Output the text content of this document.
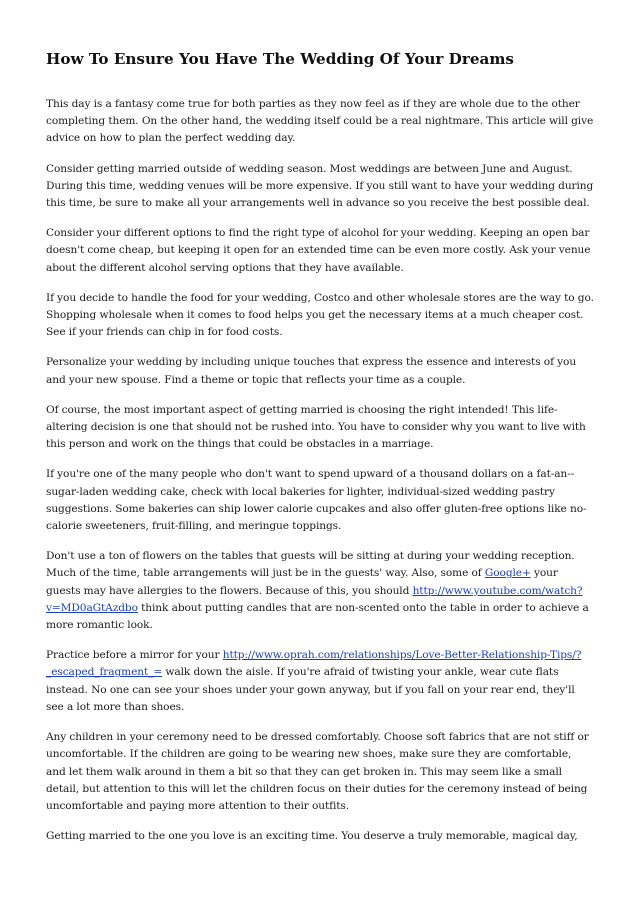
How To Ensure You Have The Wedding Of Your Dreams

This day is a fantasy come true for both parties as they now feel as if they are whole due to the other completing them. On the other hand, the wedding itself could be a real nightmare. This article will give advice on how to plan the perfect wedding day.

Consider getting married outside of wedding season. Most weddings are between June and August. During this time, wedding venues will be more expensive. If you still want to have your wedding during this time, be sure to make all your arrangements well in advance so you receive the best possible deal.

Consider your different options to find the right type of alcohol for your wedding. Keeping an open bar doesn't come cheap, but keeping it open for an extended time can be even more costly. Ask your venue about the different alcohol serving options that they have available.

If you decide to handle the food for your wedding, Costco and other wholesale stores are the way to go. Shopping wholesale when it comes to food helps you get the necessary items at a much cheaper cost. See if your friends can chip in for food costs.

Personalize your wedding by including unique touches that express the essence and interests of you and your new spouse. Find a theme or topic that reflects your time as a couple.

Of course, the most important aspect of getting married is choosing the right intended! This life-altering decision is one that should not be rushed into. You have to consider why you want to live with this person and work on the things that could be obstacles in a marriage.

If you're one of the many people who don't want to spend upward of a thousand dollars on a fat-an--sugar-laden wedding cake, check with local bakeries for lighter, individual-sized wedding pastry suggestions. Some bakeries can ship lower calorie cupcakes and also offer gluten-free options like no-calorie sweeteners, fruit-filling, and meringue toppings.

Don't use a ton of flowers on the tables that guests will be sitting at during your wedding reception. Much of the time, table arrangements will just be in the guests' way. Also, some of Google+ your guests may have allergies to the flowers. Because of this, you should http://www.youtube.com/watch?v=MD0aGtAzdbo think about putting candles that are non-scented onto the table in order to achieve a more romantic look.

Practice before a mirror for your http://www.oprah.com/relationships/Love-Better-Relationship-Tips/?_escaped_fragment_= walk down the aisle. If you're afraid of twisting your ankle, wear cute flats instead. No one can see your shoes under your gown anyway, but if you fall on your rear end, they'll see a lot more than shoes.

Any children in your ceremony need to be dressed comfortably. Choose soft fabrics that are not stiff or uncomfortable. If the children are going to be wearing new shoes, make sure they are comfortable, and let them walk around in them a bit so that they can get broken in. This may seem like a small detail, but attention to this will let the children focus on their duties for the ceremony instead of being uncomfortable and paying more attention to their outfits.

Getting married to the one you love is an exciting time. You deserve a truly memorable, magical day,
